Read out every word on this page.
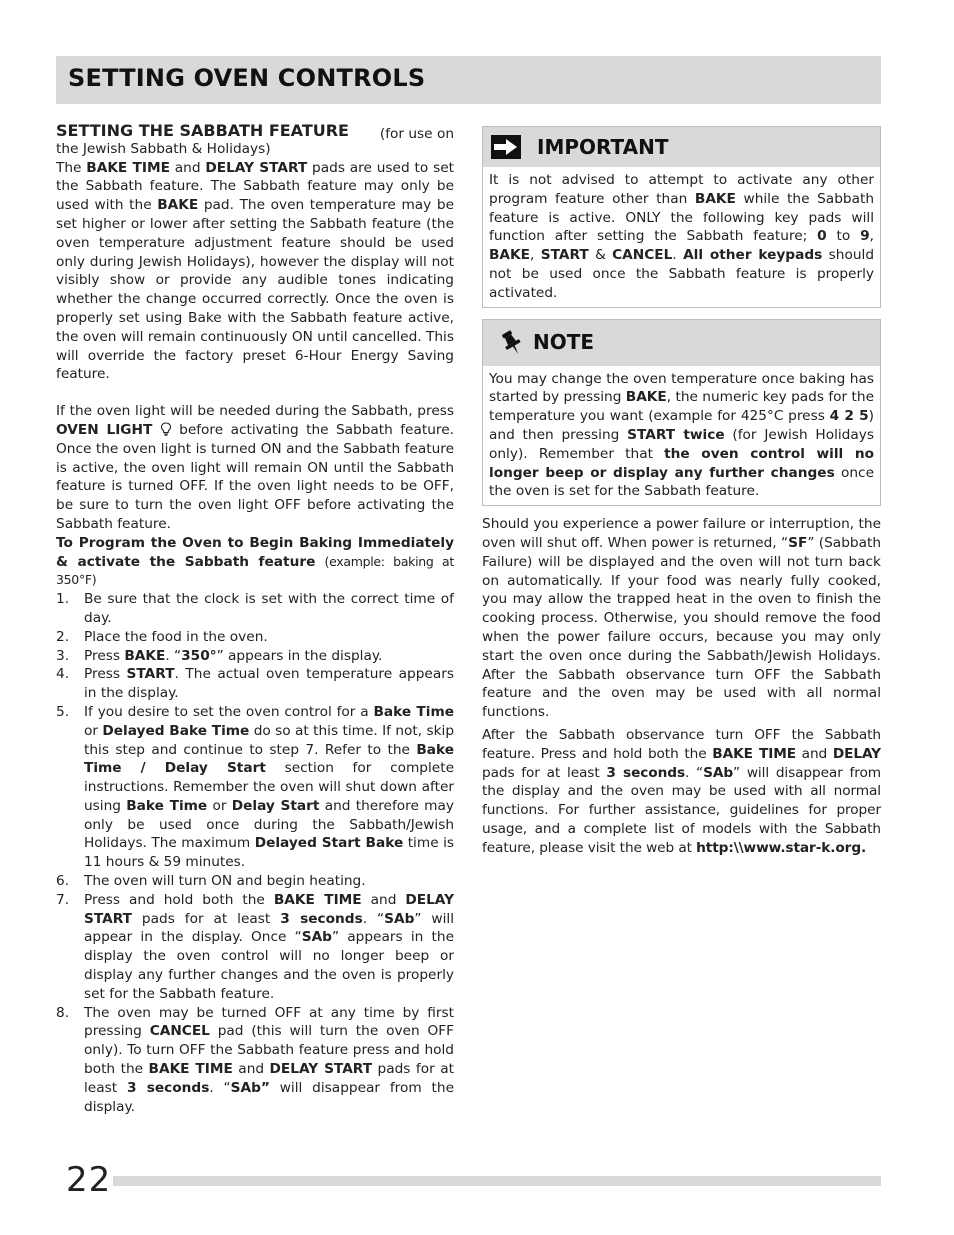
SETTING OVEN CONTROLS

SETTING THE SABBATH FEATURE (for use on

the Jewish Sabbath & Holidays)

The BAKE TIME and DELAY START pads are used to set the Sabbath feature. The Sabbath feature may only be used with the BAKE pad. The oven temperature may be set higher or lower after setting the Sabbath feature (the oven temperature adjustment feature should be used only during Jewish Holidays), however the display will not visibly show or provide any audible tones indicating whether the change occurred correctly. Once the oven is properly set using Bake with the Sabbath feature active, the oven will remain continuously ON until cancelled. This will override the factory preset 6-Hour Energy Saving feature.

If the oven light will be needed during the Sabbath, press OVEN LIGHT  before activating the Sabbath feature. Once the oven light is turned ON and the Sabbath feature is active, the oven light will remain ON until the Sabbath feature is turned OFF. If the oven light needs to be OFF, be sure to turn the oven light OFF before activating the Sabbath feature.

To Program the Oven to Begin Baking Immediately & activate the Sabbath feature (example: baking at 350°F)

1.	Be sure that the clock is set with the correct time of day.
2.	Place the food in the oven.
3.	Press BAKE. “350°” appears in the display.
4.	Press START. The actual oven temperature appears in the display.
5.	If you desire to set the oven control for a Bake Time or Delayed Bake Time do so at this time. If not, skip this step and continue to step 7. Refer to the Bake Time / Delay Start section for complete instructions. Remember the oven will shut down after using Bake Time or Delay Start and therefore may only be used once during the Sabbath/Jewish Holidays. The maximum Delayed Start Bake time is 11 hours & 59 minutes.
6.	The oven will turn ON and begin heating.
7.	Press and hold both the BAKE TIME and DELAY START pads for at least 3 seconds. “SAb” will appear in the display. Once “SAb” appears in the display the oven control will no longer beep or display any further changes and the oven is properly set for the Sabbath feature.
8.	The oven may be turned OFF at any time by first pressing CANCEL pad (this will turn the oven OFF only). To turn OFF the Sabbath feature press and hold both the BAKE TIME and DELAY START pads for at least 3 seconds. “SAb” will disappear from the display.
IMPORTANT
It is not advised to attempt to activate any other program feature other than BAKE while the Sabbath feature is active. ONLY the following key pads will function after setting the Sabbath feature; 0 to 9, BAKE, START & CANCEL. All other keypads should not be used once the Sabbath feature is properly activated.
NOTE
You may change the oven temperature once baking has started by pressing BAKE, the numeric key pads for the temperature you want (example for 425°C press 4 2 5) and then pressing START twice (for Jewish Holidays only). Remember that the oven control will no longer beep or display any further changes once the oven is set for the Sabbath feature.

Should you experience a power failure or interruption, the oven will shut off. When power is returned, “SF” (Sabbath Failure) will be displayed and the oven will not turn back on automatically. If your food was nearly fully cooked, you may allow the trapped heat in the oven to finish the cooking process. Otherwise, you should remove the food when the power failure occurs, because you may only start the oven once during the Sabbath/Jewish Holidays. After the Sabbath observance turn OFF the Sabbath feature and the oven may be used with all normal functions.

After the Sabbath observance turn OFF the Sabbath feature. Press and hold both the BAKE TIME and DELAY pads for at least 3 seconds. “SAb” will disappear from the display and the oven may be used with all normal functions. For further assistance, guidelines for proper usage, and a complete list of models with the Sabbath feature, please visit the web at http:\\www.star-k.org.

22
